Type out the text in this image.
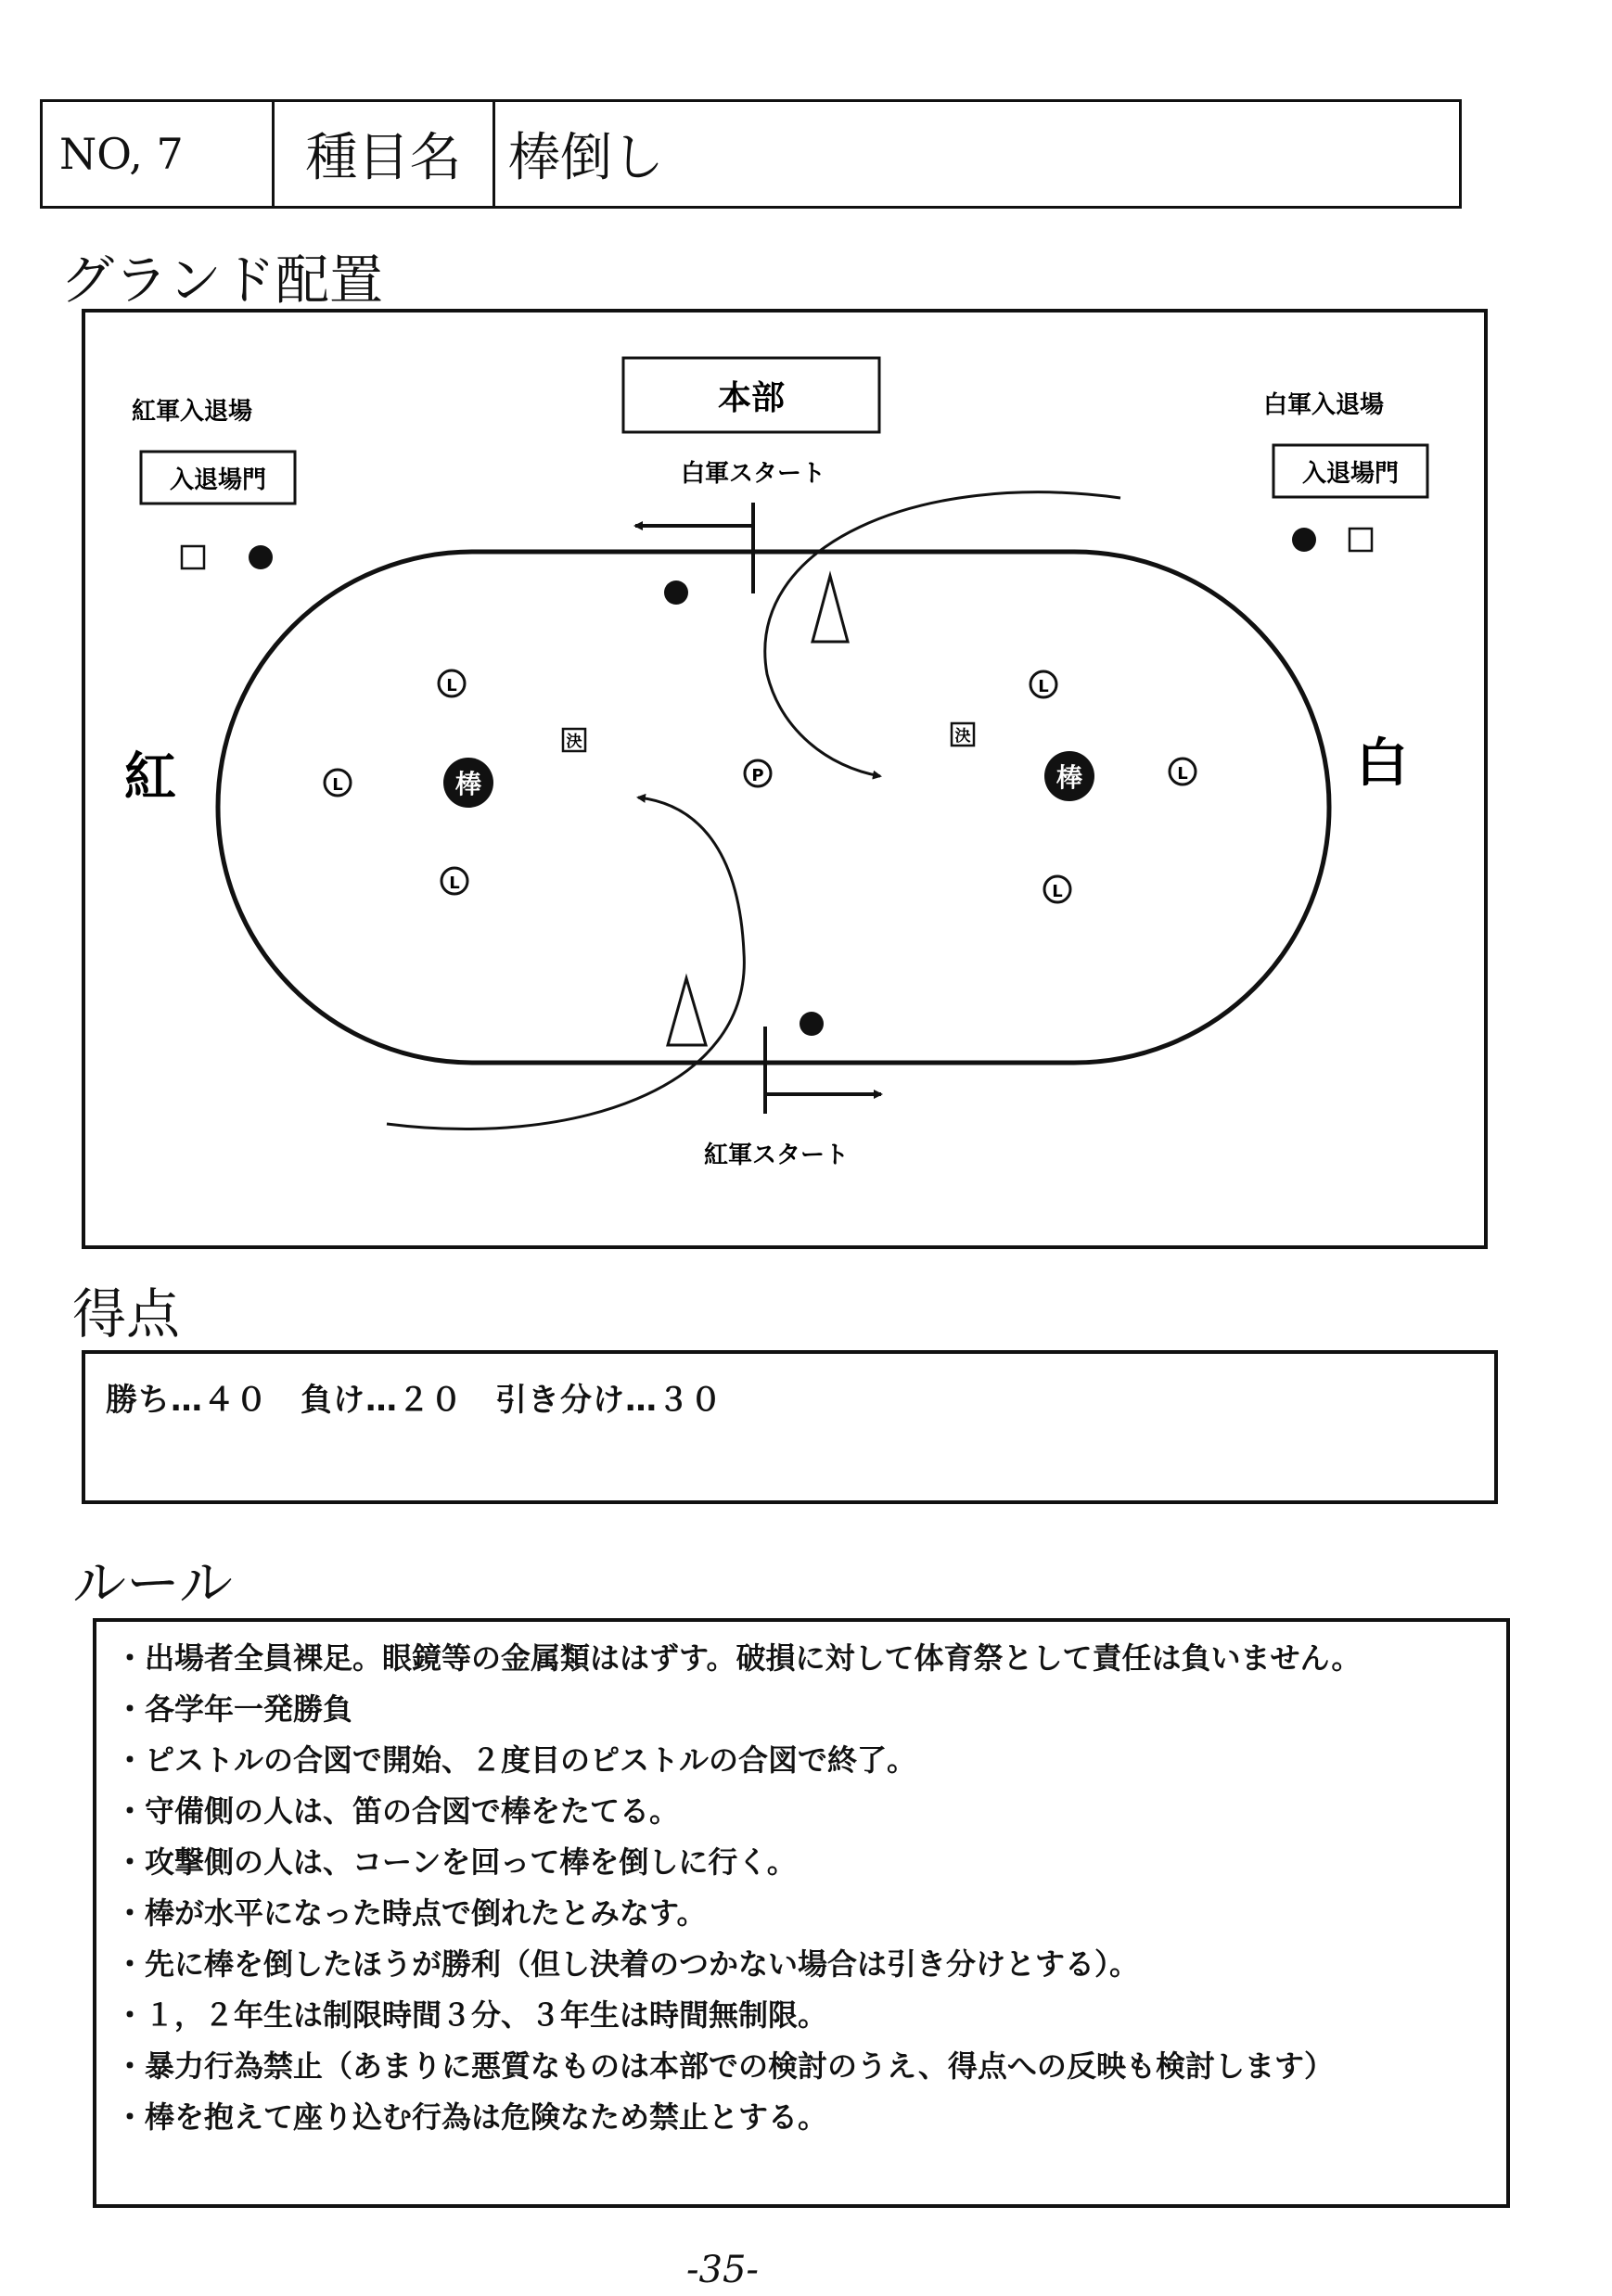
NO, 7	種目名 棒倒し
グランド配置
本部
紅軍入退場
入退場門
白軍入退場
入退場門
白軍スタート
紅軍スタート
L
L
L
棒
決
P
決
L
棒	L
L
紅	白
得点
勝ち…４０　負け…２０　引き分け…３０
ルール
・ 出場者全員裸足。眼鏡等の金属類ははずす。破損に対して体育祭として責任は負いません。
・ 各学年一発勝負
・ ピストルの合図で開始、２度目のピストルの合図で終了。
・ 守備側の人は、笛の合図で棒をたてる。
・ 攻撃側の人は、コーンを回って棒を倒しに行く。
・ 棒が水平になった時点で倒れたとみなす。
・ 先に棒を倒したほうが勝利（但し決着のつかない場合は引き分けとする）。
・ １，２年生は制限時間３分、３年生は時間無制限。
・ 暴力行為禁止（あまりに悪質なものは本部での検討のうえ、得点への反映も検討します）
・ 棒を抱えて座り込む行為は危険なため禁止とする。
-35-
